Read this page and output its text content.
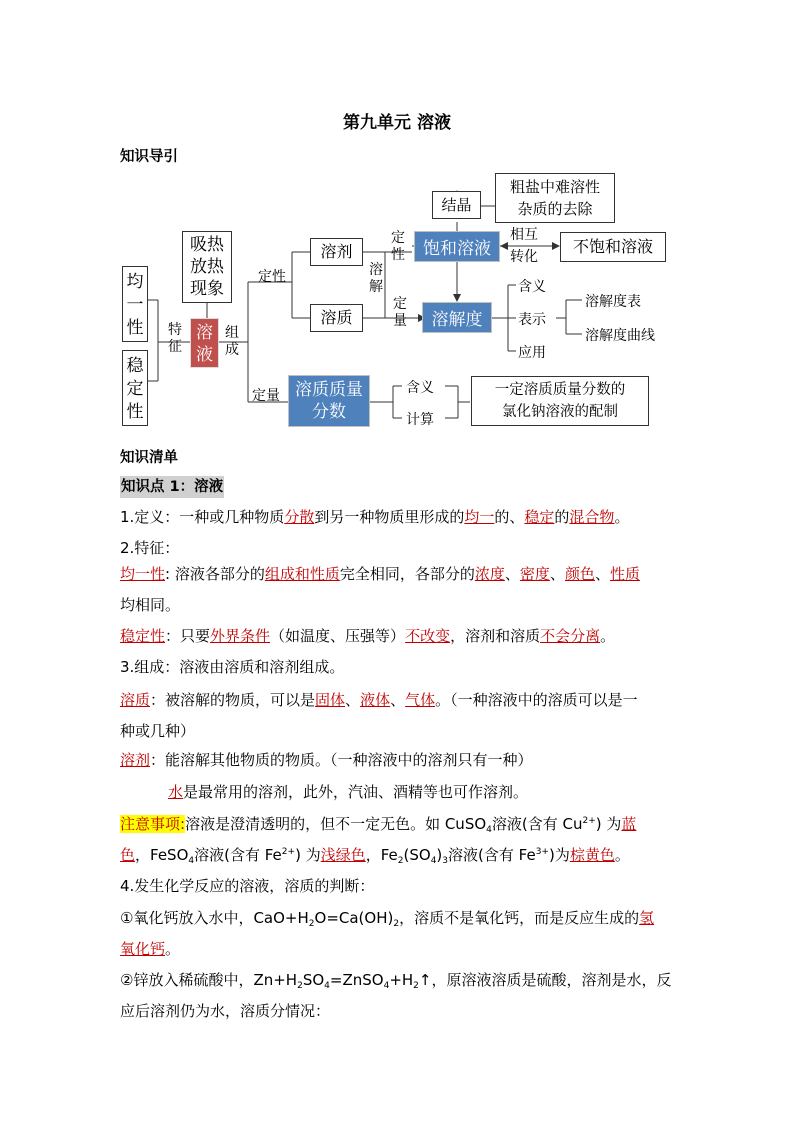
第九单元 溶液
知识导引
均
一
性
稳
定
性
特
征
溶
液
组
成
吸热
放热
现象
定性
定量
溶剂
溶质
溶
解
定
性
定
量
饱和溶液
结晶
粗盐中难溶性
杂质的去除
相互
转化
不饱和溶液
溶解度
含义
表示
应用
溶解度表
溶解度曲线
溶质质量
分数
含义
计算
一定溶质质量分数的
氯化钠溶液的配制
知识清单
知识点 1：溶液
1.定义：一种或几种物质分散到另一种物质里形成的均一的、稳定的混合物。
2.特征：
均一性: 溶液各部分的组成和性质完全相同，各部分的浓度、密度、颜色、性质
均相同。
稳定性：只要外界条件（如温度、压强等）不改变，溶剂和溶质不会分离。
3.组成：溶液由溶质和溶剂组成。
溶质：被溶解的物质，可以是固体、液体、气体。（一种溶液中的溶质可以是一
种或几种）
溶剂：能溶解其他物质的物质。（一种溶液中的溶剂只有一种）
水是最常用的溶剂，此外，汽油、酒精等也可作溶剂。
注意事项:溶液是澄清透明的，但不一定无色。如 CuSO$_4$溶液(含有 $Cu^{2+}$) 为蓝
色，FeSO$_4$溶液(含有 $Fe^{2+}$) 为浅绿色，$Fe_2(SO_4)_3$溶液(含有 $Fe^{3+}$)为棕黄色。
4.发生化学反应的溶液，溶质的判断：
①氧化钙放入水中，$CaO+H_2O=Ca(OH)_2$，溶质不是氧化钙，而是反应生成的氢
氧化钙。
②锌放入稀硫酸中，$Zn+H_2SO_4=ZnSO_4+H_2↑$，原溶液溶质是硫酸，溶剂是水，反
应后溶剂仍为水，溶质分情况：
